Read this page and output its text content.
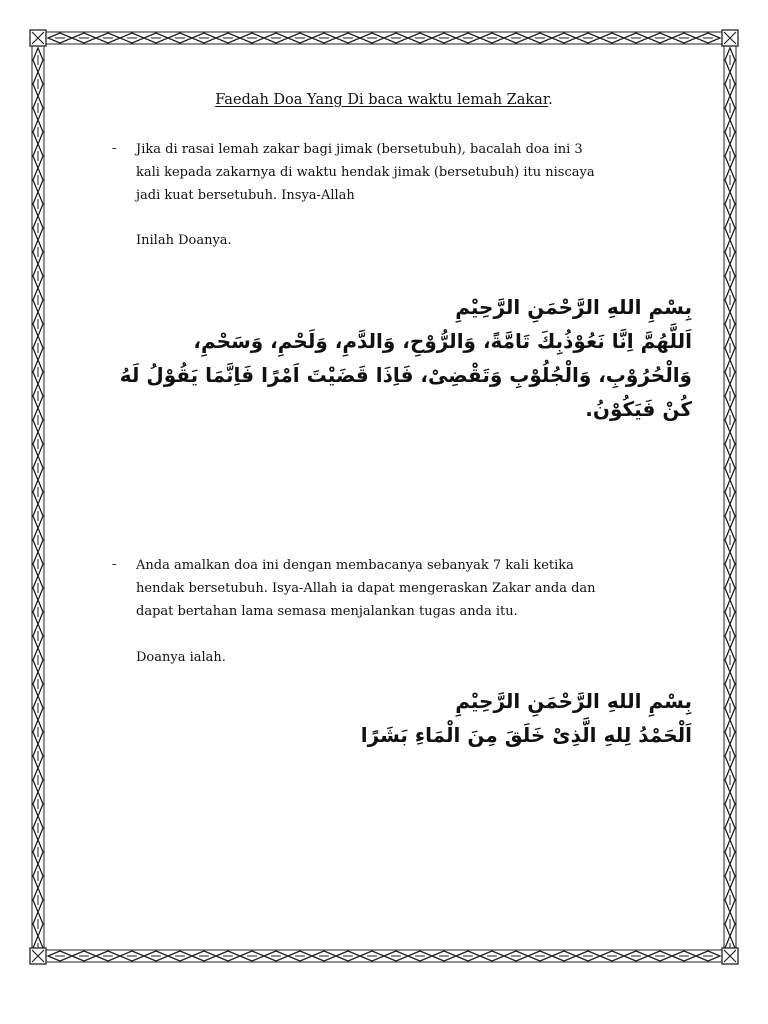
Faedah Doa Yang Di baca waktu lemah Zakar.
- Jika di rasai lemah zakar bagi jimak (bersetubuh), bacalah doa ini 3
kali kepada zakarnya di waktu hendak jimak (bersetubuh) itu niscaya
jadi kuat bersetubuh. Insya-Allah

Inilah Doanya.

بِسْمِ اللهِ الرَّحْمَنِ الرَّحِيْمِ
اَللَّهُمَّ اِنَّا نَعُوْذُبِكَ تَامَّةً، وَالرُّوْحِ، وَالدَّمِ، وَلَحْمِ، وَسَحْمِ،
وَالْحُرُوْبِ، وَالْجُلُوْبِ وَتَقْضِىْ، فَاِذَا قَضَيْتَ اَمْرًا فَاِنَّمَا يَقُوْلُ لَهُ
كُنْ فَيَكُوْنُ.
- Anda amalkan doa ini dengan membacanya sebanyak 7 kali ketika
hendak bersetubuh. Isya-Allah ia dapat mengeraskan Zakar anda dan
dapat bertahan lama semasa menjalankan tugas anda itu.

Doanya ialah.

بِسْمِ اللهِ الرَّحْمَنِ الرَّحِيْمِ
اَلْحَمْدُ لِلهِ الَّذِىْ خَلَقَ مِنَ الْمَاءِ بَشَرًا
